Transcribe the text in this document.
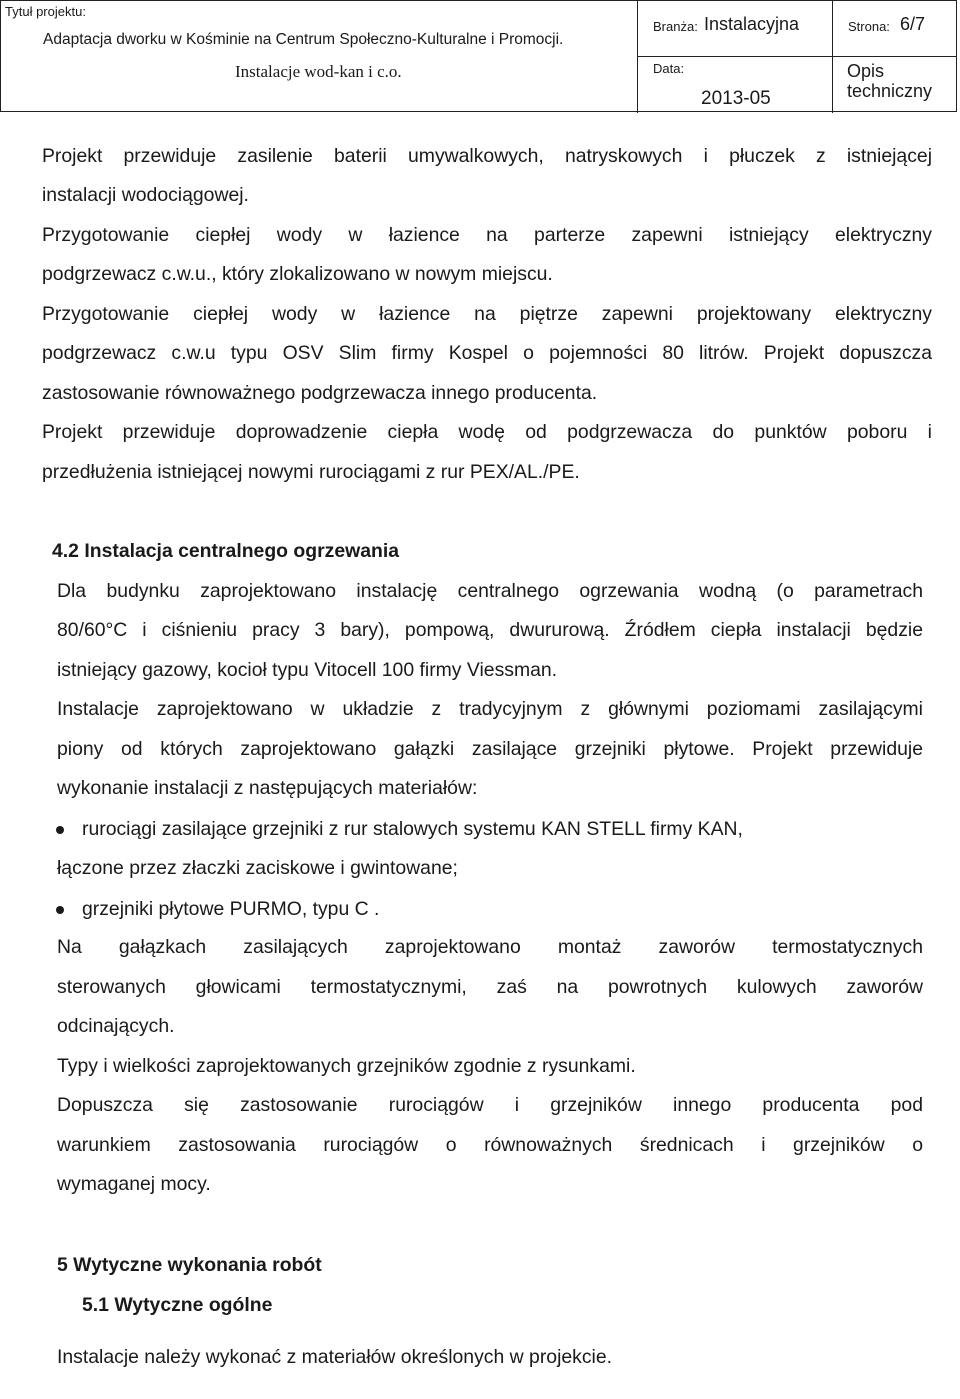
Tytuł projektu:
Adaptacja dworku w Kośminie na Centrum Społeczno-Kulturalne i Promocji.
Instalacje wod-kan i c.o.
Branża: Instalacyjna	Strona: 6/7
Data:
2013-05
Opis
techniczny
Projekt przewiduje zasilenie baterii umywalkowych, natryskowych i płuczek z istniejącej
instalacji wodociągowej.
Przygotowanie ciepłej wody w łazience na parterze zapewni istniejący elektryczny
podgrzewacz c.w.u., który zlokalizowano w nowym miejscu.
Przygotowanie ciepłej wody w łazience na piętrze zapewni projektowany elektryczny
podgrzewacz c.w.u typu OSV Slim firmy Kospel o pojemności 80 litrów. Projekt dopuszcza
zastosowanie równoważnego podgrzewacza innego producenta.
Projekt przewiduje doprowadzenie ciepła wodę od podgrzewacza do punktów poboru i
przedłużenia istniejącej nowymi rurociągami z rur PEX/AL./PE.
4.2 Instalacja centralnego ogrzewania
Dla budynku zaprojektowano instalację centralnego ogrzewania wodną (o parametrach
80/60°C i ciśnieniu pracy 3 bary), pompową, dwururową. Źródłem ciepła instalacji będzie
istniejący gazowy, kocioł typu Vitocell 100 firmy Viessman.
Instalacje zaprojektowano w układzie z tradycyjnym z głównymi poziomami zasilającymi
piony od których zaprojektowano gałązki zasilające grzejniki płytowe. Projekt przewiduje
wykonanie instalacji z następujących materiałów:
rurociągi zasilające grzejniki z rur stalowych systemu KAN STELL firmy KAN,
łączone przez złaczki zaciskowe i gwintowane;
grzejniki płytowe PURMO, typu C .
Na gałązkach zasilających zaprojektowano montaż zaworów termostatycznych
sterowanych głowicami termostatycznymi, zaś na powrotnych kulowych zaworów
odcinających.
Typy i wielkości zaprojektowanych grzejników zgodnie z rysunkami.
Dopuszcza się zastosowanie rurociągów i grzejników innego producenta pod
warunkiem zastosowania rurociągów o równoważnych średnicach i grzejników o
wymaganej mocy.
5 Wytyczne wykonania robót
5.1 Wytyczne ogólne
Instalacje należy wykonać z materiałów określonych w projekcie.
